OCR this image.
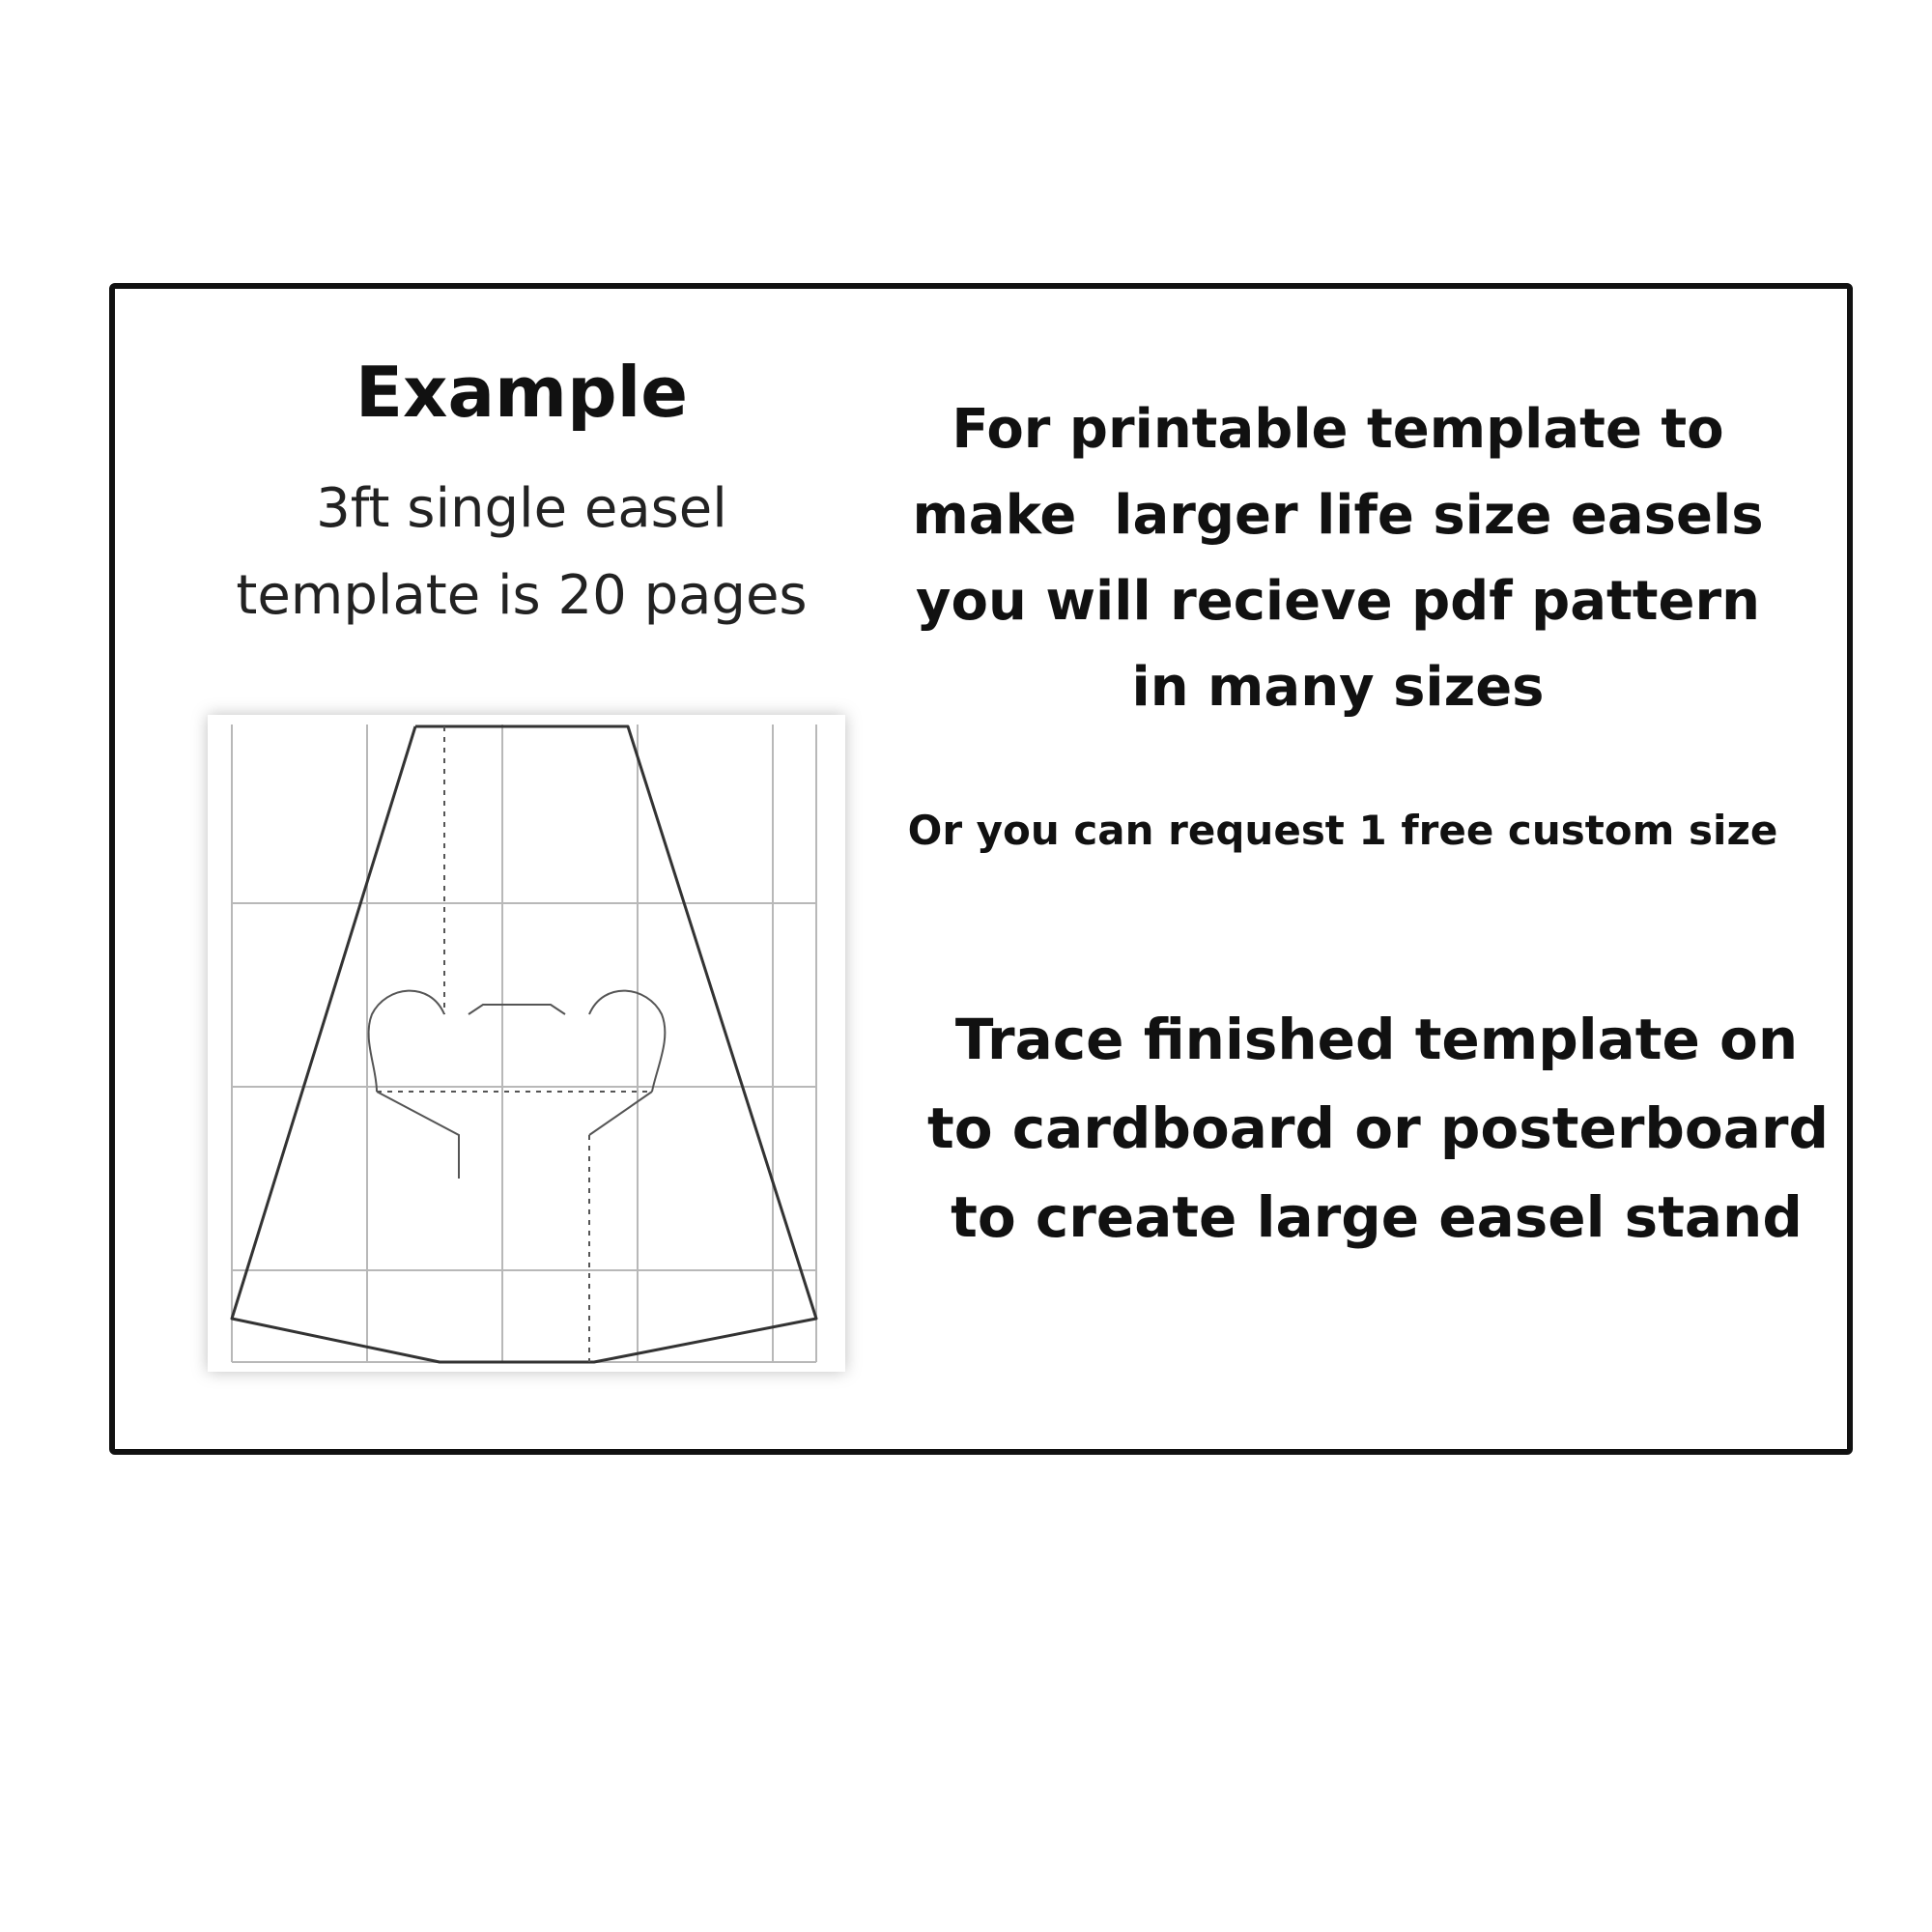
Example
3ft single easel
template is 20 pages
For printable template to
make  larger life size easels
you will recieve pdf pattern
in many sizes
Or you can request 1 free custom size
Trace finished template on
to cardboard or posterboard
to create large easel stand
